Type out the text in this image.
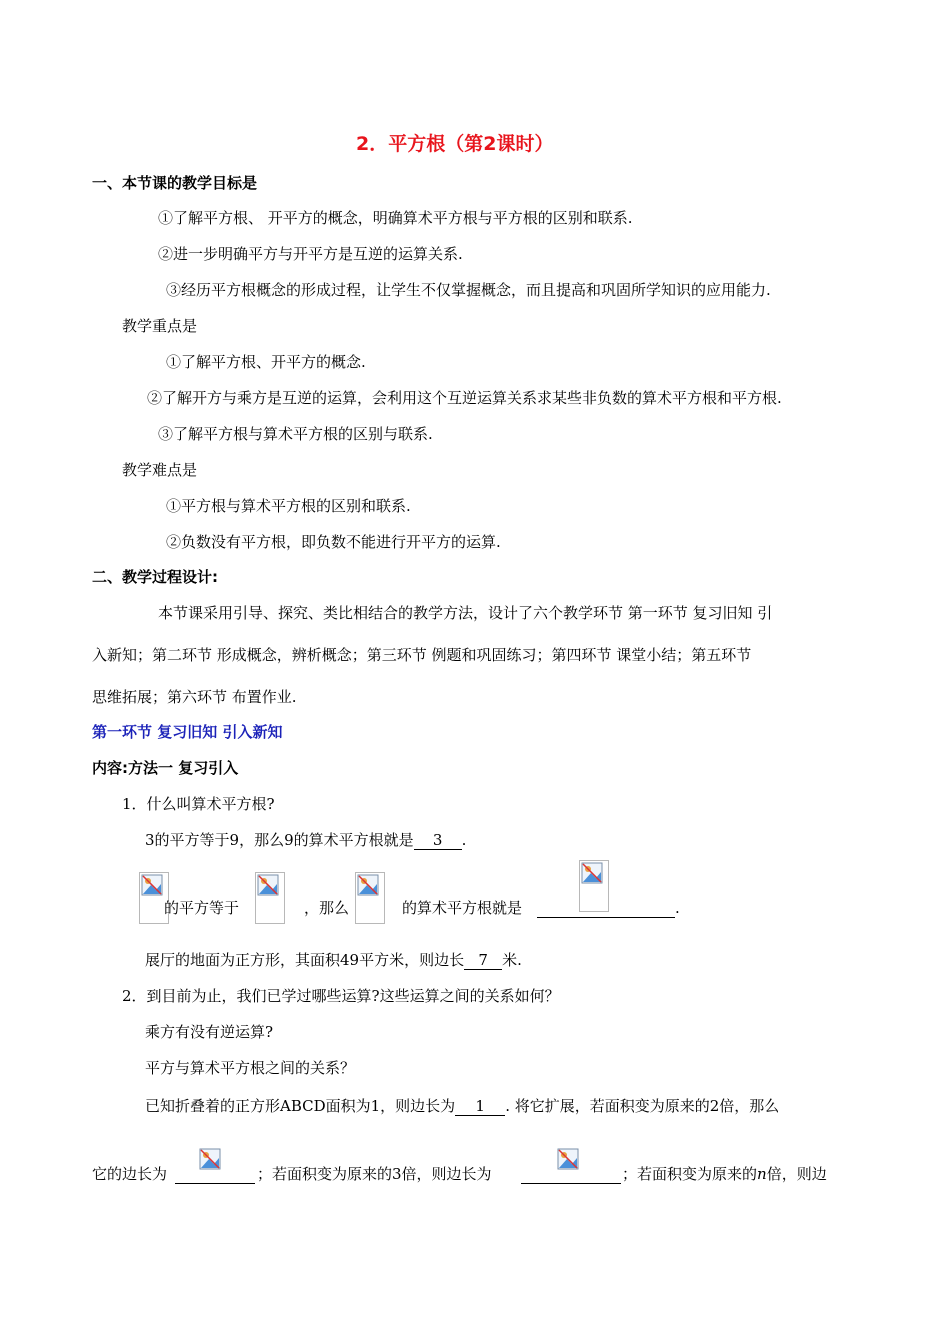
2．平方根（第2课时）
一、本节课的教学目标是
①了解平方根、 开平方的概念，明确算术平方根与平方根的区别和联系.
②进一步明确平方与开平方是互逆的运算关系.
③经历平方根概念的形成过程，让学生不仅掌握概念，而且提高和巩固所学知识的应用能力.
教学重点是
①了解平方根、开平方的概念.
②了解开方与乘方是互逆的运算，会利用这个互逆运算关系求某些非负数的算术平方根和平方根.
③了解平方根与算术平方根的区别与联系.
教学难点是
①平方根与算术平方根的区别和联系.
②负数没有平方根，即负数不能进行开平方的运算.
二、教学过程设计:
本节课采用引导、探究、类比相结合的教学方法，设计了六个教学环节 第一环节 复习旧知 引
入新知；第二环节 形成概念，辨析概念；第三环节 例题和巩固练习；第四环节 课堂小结；第五环节
思维拓展；第六环节 布置作业.
第一环节 复习旧知 引入新知
内容:方法一 复习引入
1．什么叫算术平方根?
3的平方等于9，那么9的算术平方根就是 3 .
的平方等于	，那么	的算术平方根就是	.
展厅的地面为正方形，其面积49平方米，则边长 7 米.
2．到目前为止，我们已学过哪些运算?这些运算之间的关系如何？
乘方有没有逆运算?
平方与算术平方根之间的关系？
已知折叠着的正方形ABCD面积为1，则边长为 1 . 将它扩展，若面积变为原来的2倍，那么
它的边长为
	；若面积变为原来的3倍，则边长为
	；若面积变为原来的n倍，则边
